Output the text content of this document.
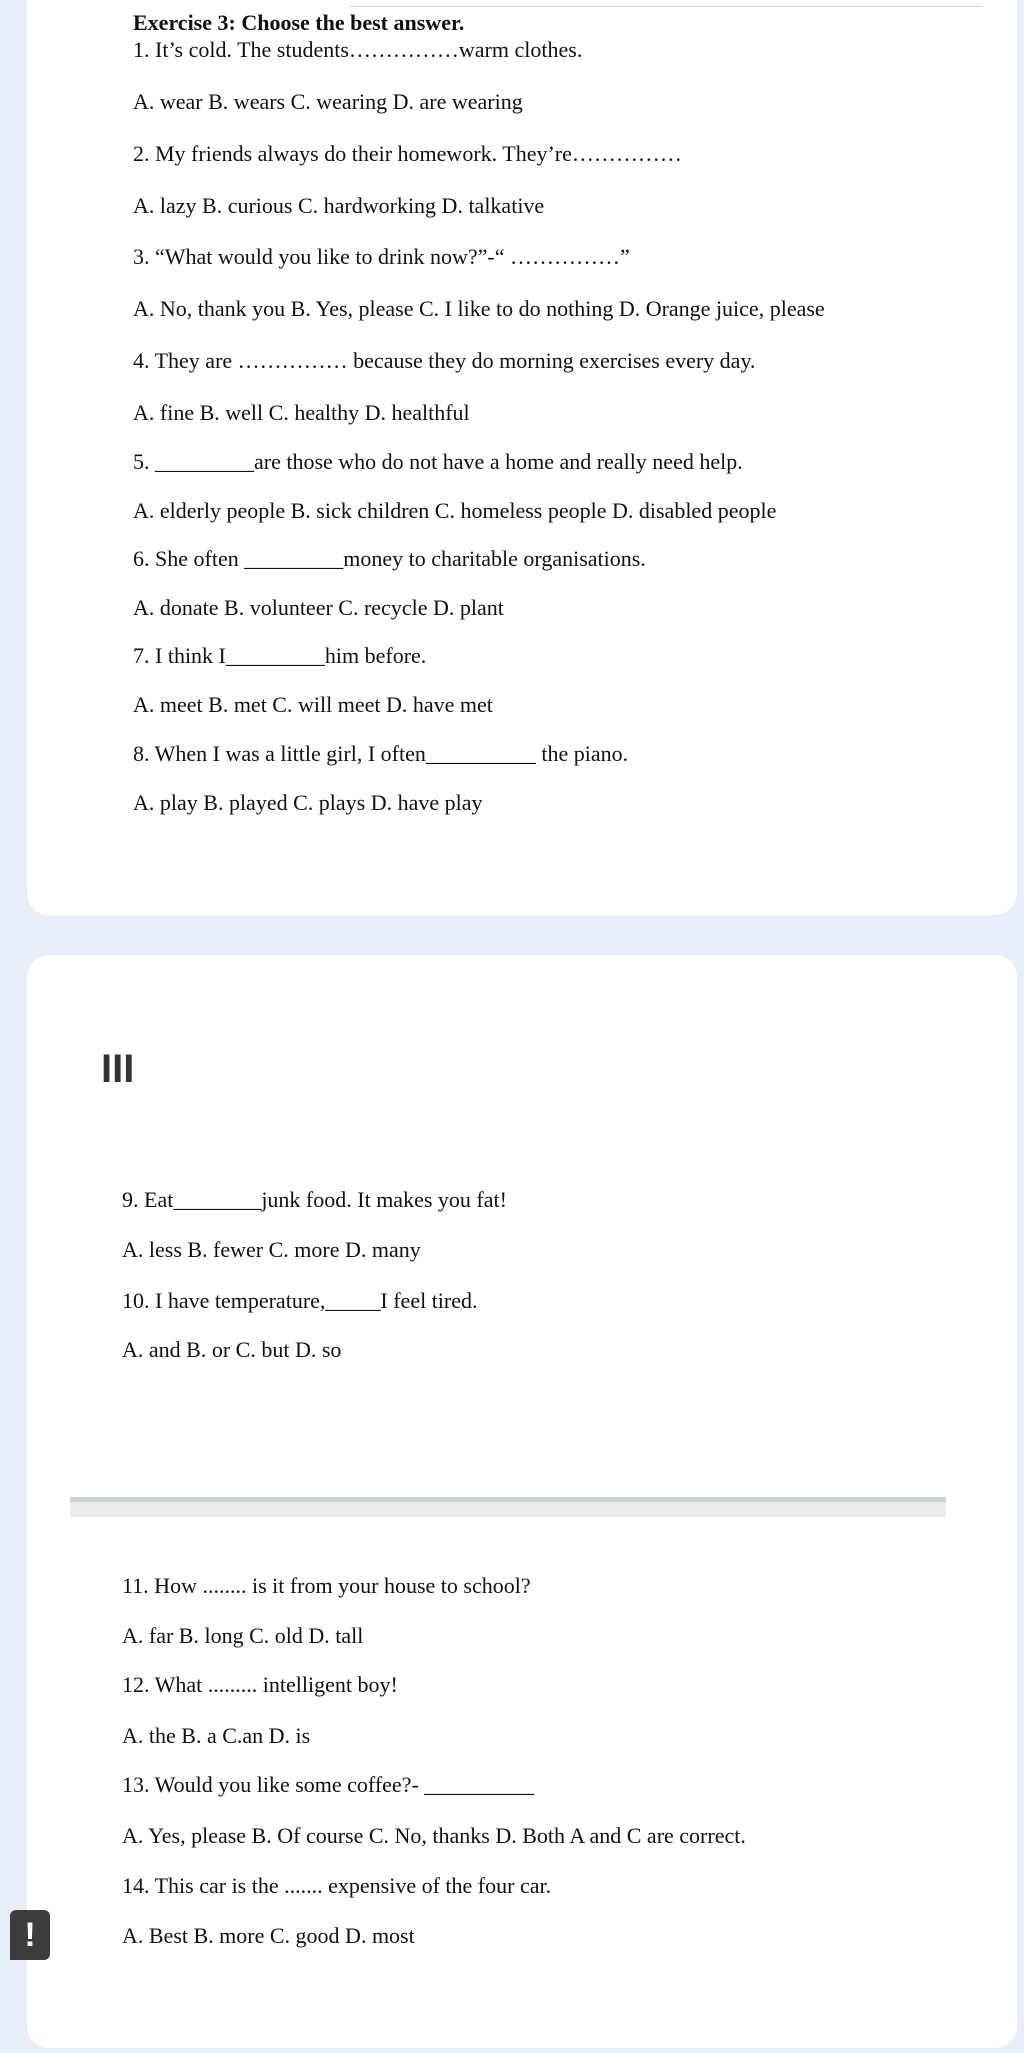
Exercise 3: Choose the best answer.
1. It’s cold. The students……………warm clothes.
A. wear B. wears C. wearing D. are wearing
2. My friends always do their homework. They’re……………
A. lazy B. curious C. hardworking D. talkative
3. “What would you like to drink now?”-“ ……………”
A. No, thank you B. Yes, please C. I like to do nothing D. Orange juice, please
4. They are …………… because they do morning exercises every day.
A. fine B. well C. healthy D. healthful
5. _________are those who do not have a home and really need help.
A. elderly people B. sick children C. homeless people D. disabled people
6. She often _________money to charitable organisations.
A. donate B. volunteer C. recycle D. plant
7. I think I_________him before.
A. meet B. met C. will meet D. have met
8. When I was a little girl, I often__________ the piano.
A. play B. played C. plays D. have play
III
9. Eat________junk food. It makes you fat!
A. less B. fewer C. more D. many
10. I have temperature,_____I feel tired.
A. and B. or C. but D. so
11. How ........ is it from your house to school?
A. far B. long C. old D. tall
12. What ......... intelligent boy!
A. the B. a C.an D. is
13. Would you like some coffee?- __________
A. Yes, please B. Of course C. No, thanks D. Both A and C are correct.
14. This car is the ....... expensive of the four car.
A. Best B. more C. good D. most
!
